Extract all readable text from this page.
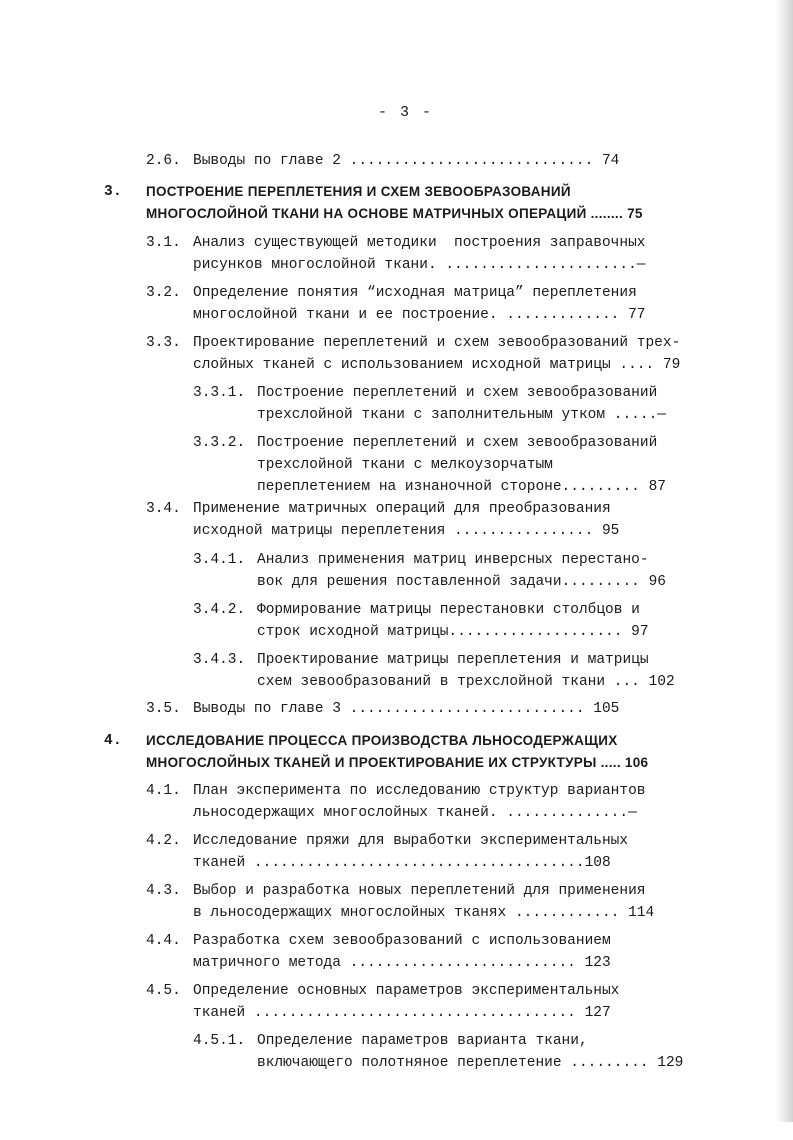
- 3 -

2.6.

Выводы по главе 2 ............................ 74

3.

ПОСТРОЕНИЕ ПЕРЕПЛЕТЕНИЯ И СХЕМ ЗЕВООБРАЗОВАНИЙ

МНОГОСЛОЙНОЙ ТКАНИ НА ОСНОВЕ МАТРИЧНЫХ ОПЕРАЦИЙ ........ 75

3.1.

Анализ существующей методики  построения заправочных

рисунков многослойной ткани. ......................—

3.2.

Определение понятия “исходная матрица” переплетения

многослойной ткани и ее построение. ............. 77

3.3.

Проектирование переплетений и схем зевообразований трех-

слойных тканей с использованием исходной матрицы .... 79

3.3.1.

Построение переплетений и схем зевообразований

трехслойной ткани с заполнительным утком .....—

3.3.2.

Построение переплетений и схем зевообразований

трехслойной ткани с мелкоузорчатым

переплетением на изнаночной стороне......... 87

3.4.

Применение матричных операций для преобразования

исходной матрицы переплетения ................ 95

3.4.1.

Анализ применения матриц инверсных перестано-

вок для решения поставленной задачи......... 96

3.4.2.

Формирование матрицы перестановки столбцов и

строк исходной матрицы.................... 97

3.4.3.

Проектирование матрицы переплетения и матрицы

схем зевообразований в трехслойной ткани ... 102

3.5.

Выводы по главе 3 ........................... 105

4.

ИССЛЕДОВАНИЕ ПРОЦЕССА ПРОИЗВОДСТВА ЛЬНОСОДЕРЖАЩИХ

МНОГОСЛОЙНЫХ ТКАНЕЙ И ПРОЕКТИРОВАНИЕ ИХ СТРУКТУРЫ ..... 106

4.1.

План эксперимента по исследованию структур вариантов

льносодержащих многослойных тканей. ..............—

4.2.

Исследование пряжи для выработки экспериментальных

тканей ......................................108

4.3.

Выбор и разработка новых переплетений для применения

в льносодержащих многослойных тканях ............ 114

4.4.

Разработка схем зевообразований с использованием

матричного метода .......................... 123

4.5.

Определение основных параметров экспериментальных

тканей ..................................... 127

4.5.1.

Определение параметров варианта ткани,

включающего полотняное переплетение ......... 129
